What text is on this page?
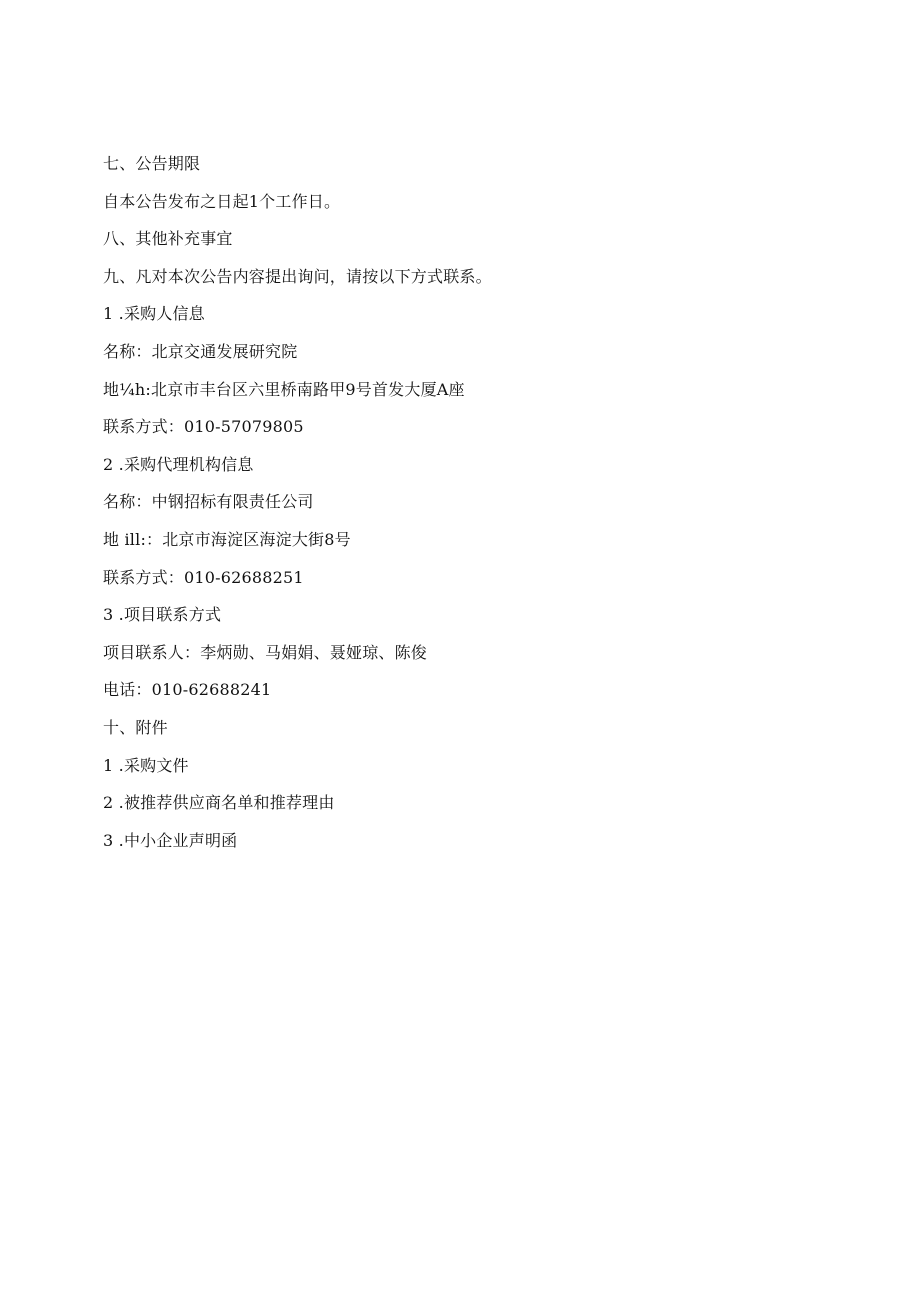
七、公告期限
自本公告发布之日起1个工作日。
八、其他补充事宜
九、凡对本次公告内容提出询问，请按以下方式联系。
1 .采购人信息
名称：北京交通发展研究院
地¼h:北京市丰台区六里桥南路甲9号首发大厦A座
联系方式：010-57079805
2 .采购代理机构信息
名称：中钢招标有限责任公司
地 ill:：北京市海淀区海淀大街8号
联系方式：010-62688251
3 .项目联系方式
项目联系人：李炳勋、马娟娟、聂娅琼、陈俊
电话：010-62688241
十、附件
1 .采购文件
2 .被推荐供应商名单和推荐理由
3 .中小企业声明函
